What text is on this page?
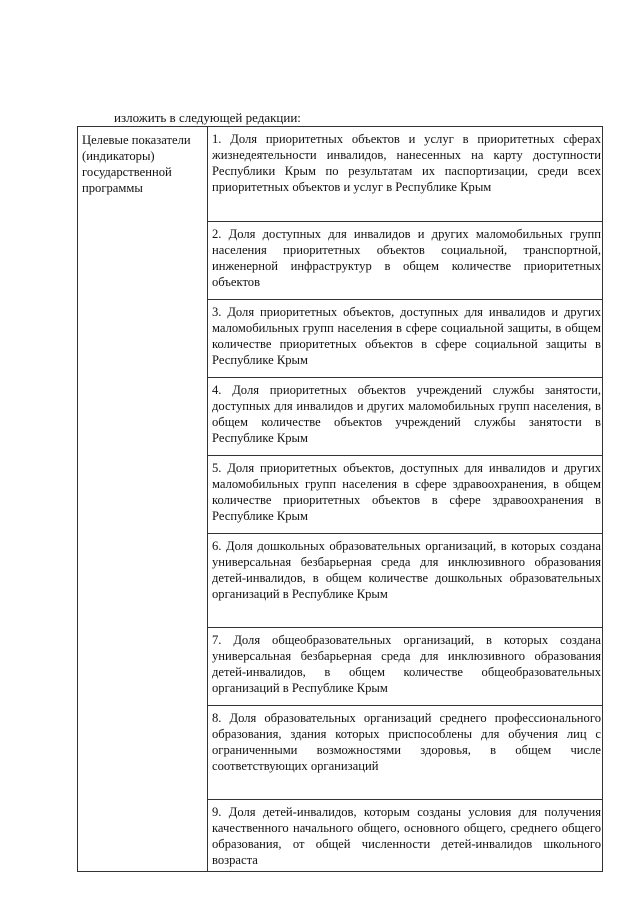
изложить в следующей редакции:
Целевые показатели (индикаторы) государственной программы
1. Доля приоритетных объектов и услуг в приоритетных сферах жизнедеятельности инвалидов, нанесенных на карту доступности Республики Крым по результатам их паспортизации, среди всех приоритетных объектов и услуг в Республике Крым
2. Доля доступных для инвалидов и других маломобильных групп населения приоритетных объектов социальной, транспортной, инженерной инфраструктур в общем количестве приоритетных объектов
3. Доля приоритетных объектов, доступных для инвалидов и других маломобильных групп населения в сфере социальной защиты, в общем количестве приоритетных объектов в сфере социальной защиты в Республике Крым
4. Доля приоритетных объектов учреждений службы занятости, доступных для инвалидов и других маломобильных групп населения, в общем количестве объектов учреждений службы занятости в Республике Крым
5. Доля приоритетных объектов, доступных для инвалидов и других маломобильных групп населения в сфере здравоохранения, в общем количестве приоритетных объектов в сфере здравоохранения в Республике Крым
6. Доля дошкольных образовательных организаций, в которых создана универсальная безбарьерная среда для инклюзивного образования детей-инвалидов, в общем количестве дошкольных образовательных организаций в Республике Крым
7. Доля общеобразовательных организаций, в которых создана универсальная безбарьерная среда для инклюзивного образования детей-инвалидов, в общем количестве общеобразовательных организаций в Республике Крым
8. Доля образовательных организаций среднего профессионального образования, здания которых приспособлены для обучения лиц с ограниченными возможностями здоровья, в общем числе соответствующих организаций
9. Доля детей-инвалидов, которым созданы условия для получения качественного начального общего, основного общего, среднего общего образования, от общей численности детей-инвалидов школьного возраста
